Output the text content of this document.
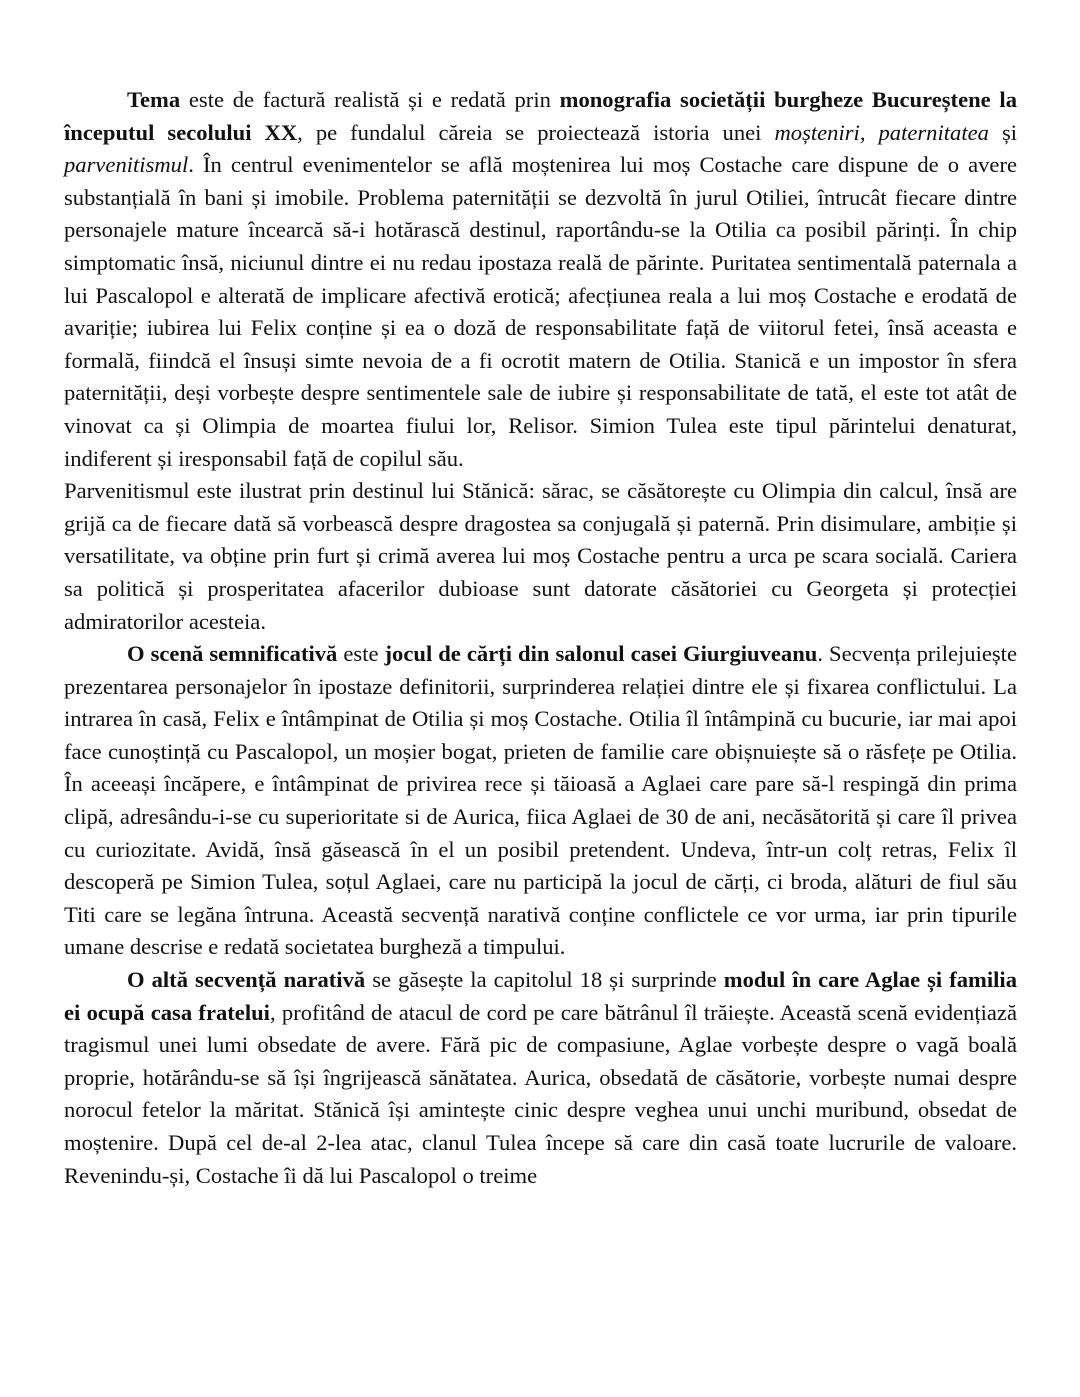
Tema este de factură realistă și e redată prin monografia societății burgheze Bucureștene la începutul secolului XX, pe fundalul căreia se proiectează istoria unei moșteniri, paternitatea și parvenitismul. În centrul evenimentelor se află moștenirea lui moș Costache care dispune de o avere substanțială în bani și imobile. Problema paternității se dezvoltă în jurul Otiliei, întrucât fiecare dintre personajele mature încearcă să-i hotărască destinul, raportându-se la Otilia ca posibil părinți. În chip simptomatic însă, niciunul dintre ei nu redau ipostaza reală de părinte. Puritatea sentimentală paternala a lui Pascalopol e alterată de implicare afectivă erotică; afecțiunea reala a lui moș Costache e erodată de avariție; iubirea lui Felix conține și ea o doză de responsabilitate față de viitorul fetei, însă aceasta e formală, fiindcă el însuși simte nevoia de a fi ocrotit matern de Otilia. Stanică e un impostor în sfera paternității, deși vorbește despre sentimentele sale de iubire și responsabilitate de tată, el este tot atât de vinovat ca și Olimpia de moartea fiului lor, Relisor. Simion Tulea este tipul părintelui denaturat, indiferent și iresponsabil față de copilul său.

Parvenitismul este ilustrat prin destinul lui Stănică: sărac, se căsătorește cu Olimpia din calcul, însă are grijă ca de fiecare dată să vorbească despre dragostea sa conjugală și paternă. Prin disimulare, ambiție și versatilitate, va obține prin furt și crimă averea lui moș Costache pentru a urca pe scara socială. Cariera sa politică și prosperitatea afacerilor dubioase sunt datorate căsătoriei cu Georgeta și protecției admiratorilor acesteia.

O scenă semnificativă este jocul de cărți din salonul casei Giurgiuveanu. Secvența prilejuiește prezentarea personajelor în ipostaze definitorii, surprinderea relației dintre ele și fixarea conflictului. La intrarea în casă, Felix e întâmpinat de Otilia și moș Costache. Otilia îl întâmpină cu bucurie, iar mai apoi face cunoștință cu Pascalopol, un moșier bogat, prieten de familie care obișnuiește să o răsfețe pe Otilia. În aceeași încăpere, e întâmpinat de privirea rece și tăioasă a Aglaei care pare să-l respingă din prima clipă, adresându-i-se cu superioritate si de Aurica, fiica Aglaei de 30 de ani, necăsătorită și care îl privea cu curiozitate. Avidă, însă găsească în el un posibil pretendent. Undeva, într-un colț retras, Felix îl descoperă pe Simion Tulea, soțul Aglaei, care nu participă la jocul de cărți, ci broda, alături de fiul său Titi care se legăna întruna. Această secvență narativă conține conflictele ce vor urma, iar prin tipurile umane descrise e redată societatea burgheză a timpului.

O altă secvență narativă se găsește la capitolul 18 și surprinde modul în care Aglae și familia ei ocupă casa fratelui, profitând de atacul de cord pe care bătrânul îl trăiește. Această scenă evidențiază tragismul unei lumi obsedate de avere. Fără pic de compasiune, Aglae vorbește despre o vagă boală proprie, hotărându-se să își îngrijească sănătatea. Aurica, obsedată de căsătorie, vorbește numai despre norocul fetelor la măritat. Stănică își amintește cinic despre veghea unui unchi muribund, obsedat de moștenire. După cel de-al 2-lea atac, clanul Tulea începe să care din casă toate lucrurile de valoare. Revenindu-și, Costache îi dă lui Pascalopol o treime
